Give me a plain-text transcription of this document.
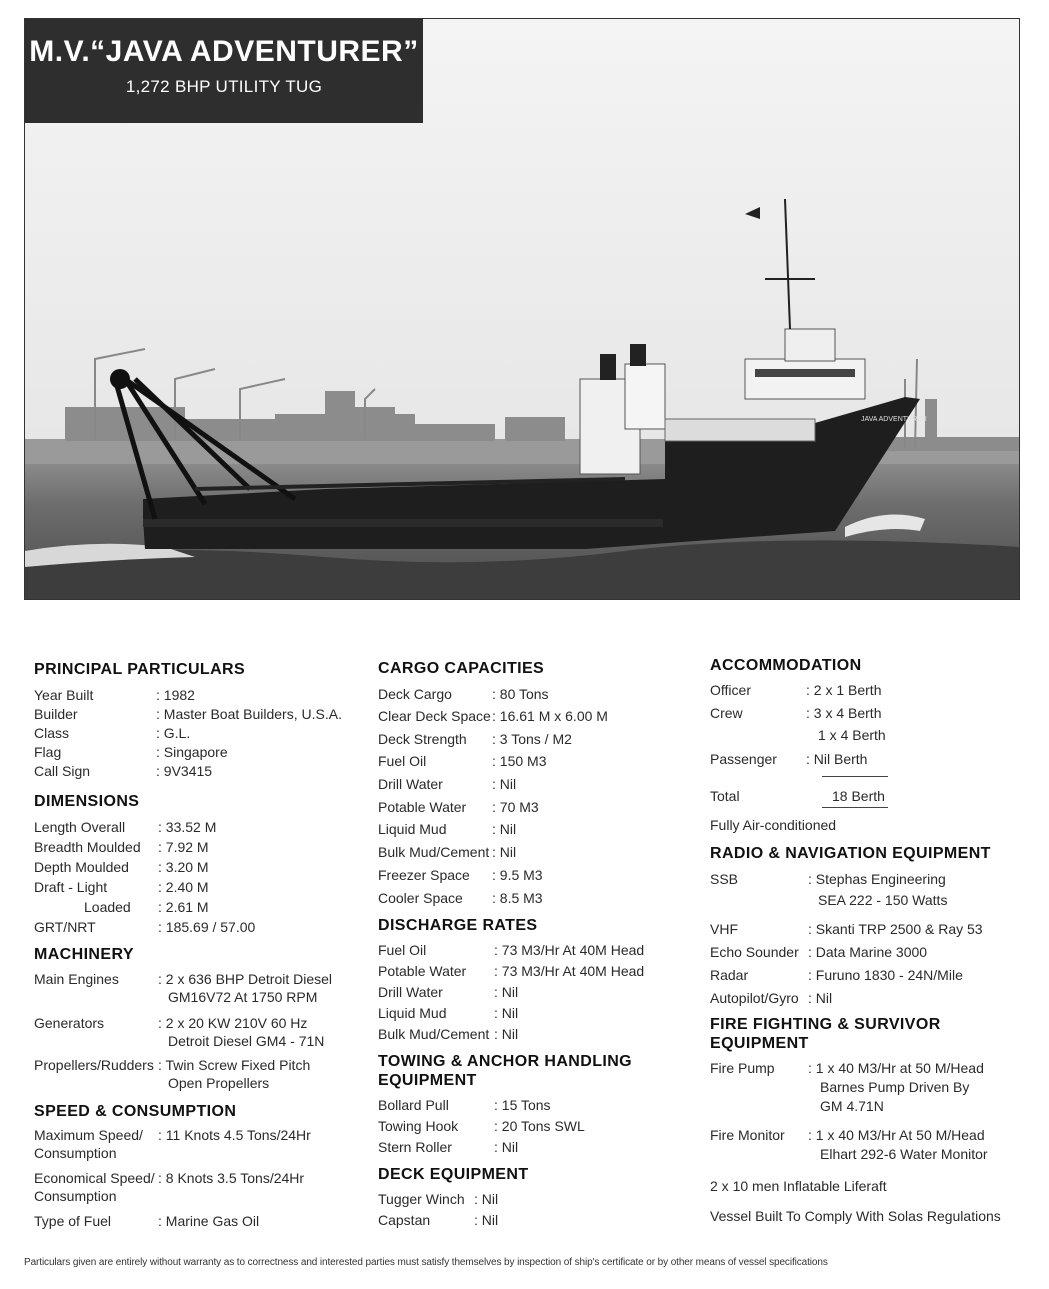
JAVA ADVENTURER
M.V.“JAVA ADVENTURER”
1,272 BHP UTILITY TUG
PRINCIPAL PARTICULARS
Year Built	: 1982
Builder	: Master Boat Builders, U.S.A.
Class	: G.L.
Flag	: Singapore
Call Sign	: 9V3415
DIMENSIONS
Length Overall : 33.52 M
Breadth Moulded : 7.92 M
Depth Moulded : 3.20 M
Draft - Light	: 2.40 M
Loaded : 2.61 M
GRT/NRT	: 185.69 / 57.00
MACHINERY
Main Engines	: 2 x 636 BHP Detroit Diesel
GM16V72 At 1750 RPM
Generators	: 2 x 20 KW 210V 60 Hz
Detroit Diesel GM4 - 71N
Propellers/Rudders : Twin Screw Fixed Pitch
Open Propellers
SPEED & CONSUMPTION
Maximum Speed/ : 11 Knots 4.5 Tons/24Hr
Consumption
Economical Speed/ : 8 Knots 3.5 Tons/24Hr
Consumption
Type of Fuel	: Marine Gas Oil
CARGO CAPACITIES
Deck Cargo	: 80 Tons
Clear Deck Space : 16.61 M x 6.00 M
Deck Strength : 3 Tons / M2
Fuel Oil	: 150 M3
Drill Water	: Nil
Potable Water : 70 M3
Liquid Mud	: Nil
Bulk Mud/Cement : Nil
Freezer Space : 9.5 M3
Cooler Space : 8.5 M3
DISCHARGE RATES
Fuel Oil	: 73 M3/Hr At 40M Head
Potable Water : 73 M3/Hr At 40M Head
Drill Water	: Nil
Liquid Mud	: Nil
Bulk Mud/Cement : Nil
TOWING & ANCHOR HANDLING
EQUIPMENT
Bollard Pull	: 15 Tons
Towing Hook	: 20 Tons SWL
Stern Roller	: Nil
DECK EQUIPMENT
Tugger Winch : Nil
Capstan	: Nil
ACCOMMODATION
Officer	: 2 x 1 Berth
Crew	: 3 x 4 Berth
1 x 4 Berth
Passenger : Nil Berth
Total	18 Berth
Fully Air-conditioned
RADIO & NAVIGATION EQUIPMENT
SSB	: Stephas Engineering
SEA 222 - 150 Watts
VHF	: Skanti TRP 2500 & Ray 53
Echo Sounder : Data Marine 3000
Radar	: Furuno 1830 - 24N/Mile
Autopilot/Gyro : Nil
FIRE FIGHTING & SURVIVOR
EQUIPMENT
Fire Pump : 1 x 40 M3/Hr at 50 M/Head
Barnes Pump Driven By
GM 4.71N
Fire Monitor : 1 x 40 M3/Hr At 50 M/Head
Elhart 292-6 Water Monitor
2 x 10 men Inflatable Liferaft
Vessel Built To Comply With Solas Regulations
Particulars given are entirely without warranty as to correctness and interested parties must satisfy themselves by inspection of ship's certificate or by other means of vessel specifications
